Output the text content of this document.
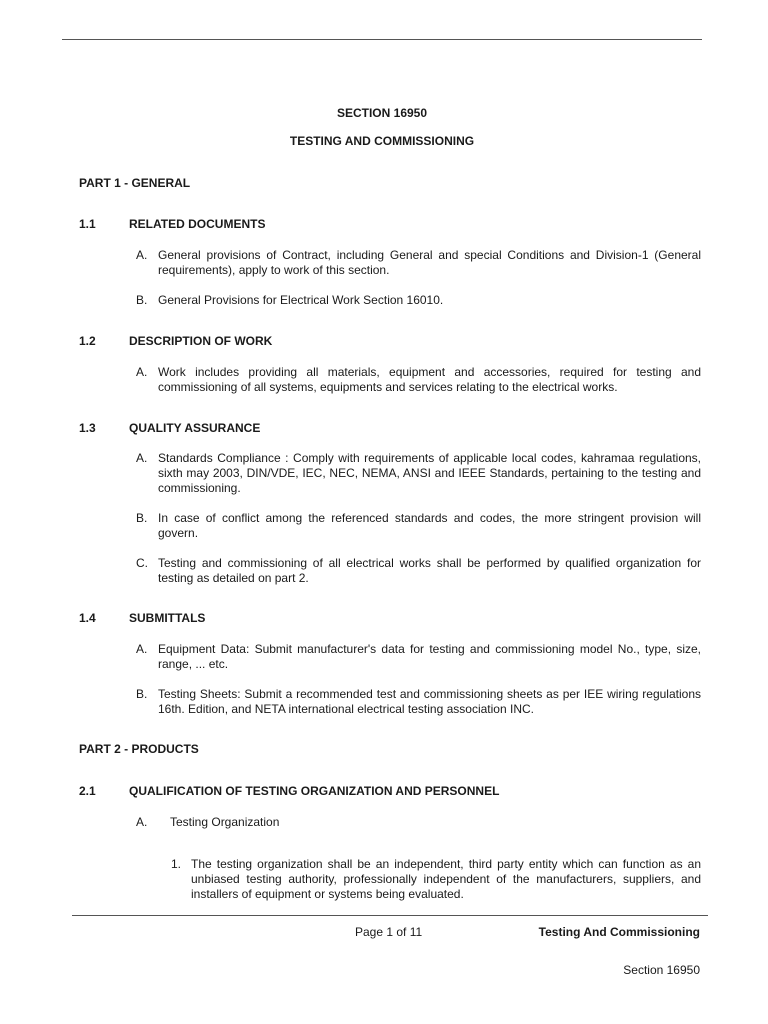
SECTION 16950
TESTING AND COMMISSIONING
PART 1 - GENERAL
1.1	RELATED DOCUMENTS
A. General provisions of Contract, including General and special Conditions and Division-1 (General requirements), apply to work of this section.
B. General Provisions for Electrical Work Section 16010.
1.2	DESCRIPTION OF WORK
A. Work includes providing all materials, equipment and accessories, required for testing and commissioning of all systems, equipments and services relating to the electrical works.
1.3	QUALITY ASSURANCE
A. Standards Compliance : Comply with requirements of applicable local codes, kahramaa regulations, sixth may 2003, DIN/VDE, IEC, NEC, NEMA, ANSI and IEEE Standards, pertaining to the testing and commissioning.
B. In case of conflict among the referenced standards and codes, the more stringent provision will govern.
C. Testing and commissioning of all electrical works shall be performed by qualified organization for testing as detailed on part 2.
1.4	SUBMITTALS
A. Equipment Data: Submit manufacturer's data for testing and commissioning model No., type, size, range, ... etc.
B. Testing Sheets: Submit a recommended test and commissioning sheets as per IEE wiring regulations 16th. Edition, and NETA international electrical testing association INC.
PART 2 - PRODUCTS
2.1	QUALIFICATION OF TESTING ORGANIZATION AND PERSONNEL
A. Testing Organization
1. The testing organization shall be an independent, third party entity which can function as an unbiased testing authority, professionally independent of the manufacturers, suppliers, and installers of equipment or systems being evaluated.
Page 1 of 11	Testing And Commissioning
Section 16950
